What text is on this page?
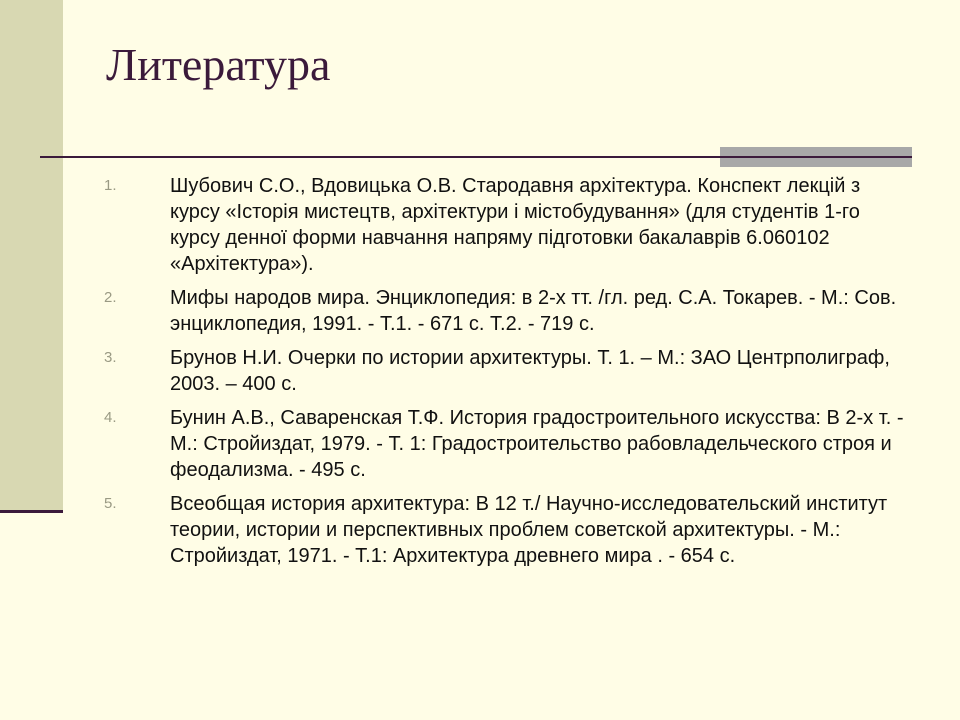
Литература
1.	Шубович С.О., Вдовицька О.В. Стародавня архітектура. Конспект лекцій з курсу «Історія мистецтв, архітектури і містобудування» (для студентів 1-го курсу денної форми навчання напряму підготовки бакалаврів 6.060102 «Архітектура»).
2.	Мифы народов мира. Энциклопедия: в 2-х тт. /гл. ред. С.А. Токарев. - М.: Сов. энциклопедия, 1991. - Т.1. - 671 с. Т.2. - 719 с.
3.	Брунов Н.И. Очерки по истории архитектуры. Т. 1. – М.: ЗАО Центрполиграф, 2003. – 400 с.
4.	Бунин А.В., Саваренская Т.Ф. История градостроительного искусства: В 2-х т. - М.: Стройиздат, 1979. - Т. 1: Градостроительство рабовладельческого строя и феодализма. - 495 с.
5.	Всеобщая история архитектура: В 12 т./ Научно-исследовательский институт теории, истории и перспективных проблем советской архитектуры. - М.: Стройиздат, 1971. - Т.1: Архитектура древнего мира . - 654 с.
